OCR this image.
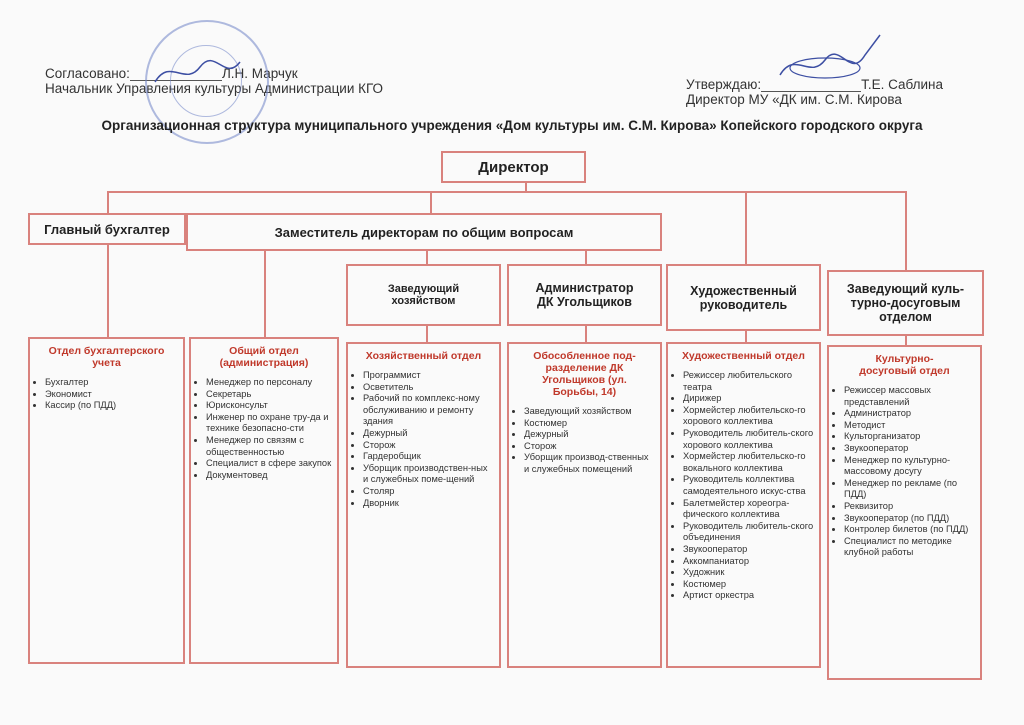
Согласовано:	Л.Н. Марчук
Начальник Управления культуры Администрации КГО	Утверждаю:	Т.Е. Саблина
Директор МУ «ДК им. С.М. Кирова
Организационная структура муниципального учреждения «Дом культуры им. С.М. Кирова» Копейского городского округа
Директор
Главный бухгалтер	Заместитель директорам по общим вопросам
Заведующий хозяйством
Администратор ДК Угольщиков
Художественный руководитель
Заведующий куль-турно-досуговым отделом
Отдел бухгалтерского учета
• Бухгалтер
• Экономист
• Кассир (по ПДД)
Общий отдел (администрация)
• Менеджер по персоналу
• Секретарь
• Юрисконсульт
• Инженер по охране тру-да и технике безопасно-сти
• Менеджер по связям с общественностью
• Специалист в сфере закупок
• Документовед
Хозяйственный отдел
• Программист
• Осветитель
• Рабочий по комплекс-ному обслуживанию и ремонту здания
• Дежурный
• Сторож
• Гардеробщик
• Уборщик производствен-ных и служебных поме-щений
• Столяр
• Дворник
Обособленное под-разделение ДК Угольщиков (ул. Борьбы, 14)
• Заведующий хозяйством
• Костюмер
• Дежурный
• Сторож
• Уборщик производ-ственных и служебных помещений
Художественный отдел
• Режиссер любительского театра
• Дирижер
• Хормейстер любительско-го хорового коллектива
• Руководитель любитель-ского хорового коллектива
• Хормейстер любительско-го вокального коллектива
• Руководитель коллектива самодеятельного искус-ства
• Балетмейстер хореогра-фического коллектива
• Руководитель любитель-ского объединения
• Звукооператор
• Аккомпаниатор
• Художник
• Костюмер
• Артист оркестра
Культурно-досуговый отдел
• Режиссер массовых представлений
• Администратор
• Методист
• Культорганизатор
• Звукооператор
• Менеджер по культурно-массовому досугу
• Менеджер по рекламе (по ПДД)
• Реквизитор
• Звукооператор (по ПДД)
• Контролер билетов (по ПДД)
• Специалист по методике клубной работы
